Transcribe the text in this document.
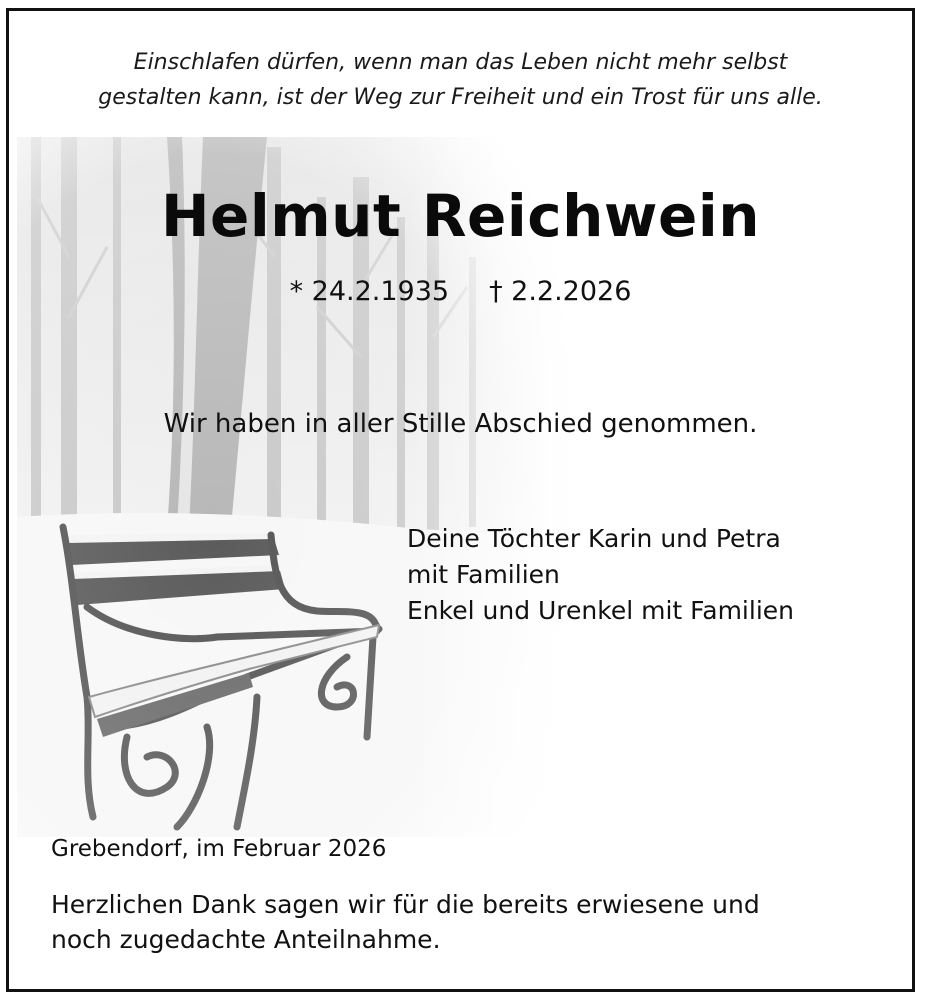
Einschlafen dürfen, wenn man das Leben nicht mehr selbst
gestalten kann, ist der Weg zur Freiheit und ein Trost für uns alle.
Helmut Reichwein
* 24.2.1935 † 2.2.2026
Wir haben in aller Stille Abschied genommen.
Deine Töchter Karin und Petra
mit Familien
Enkel und Urenkel mit Familien
Grebendorf, im Februar 2026
Herzlichen Dank sagen wir für die bereits erwiesene und
noch zugedachte Anteilnahme.
